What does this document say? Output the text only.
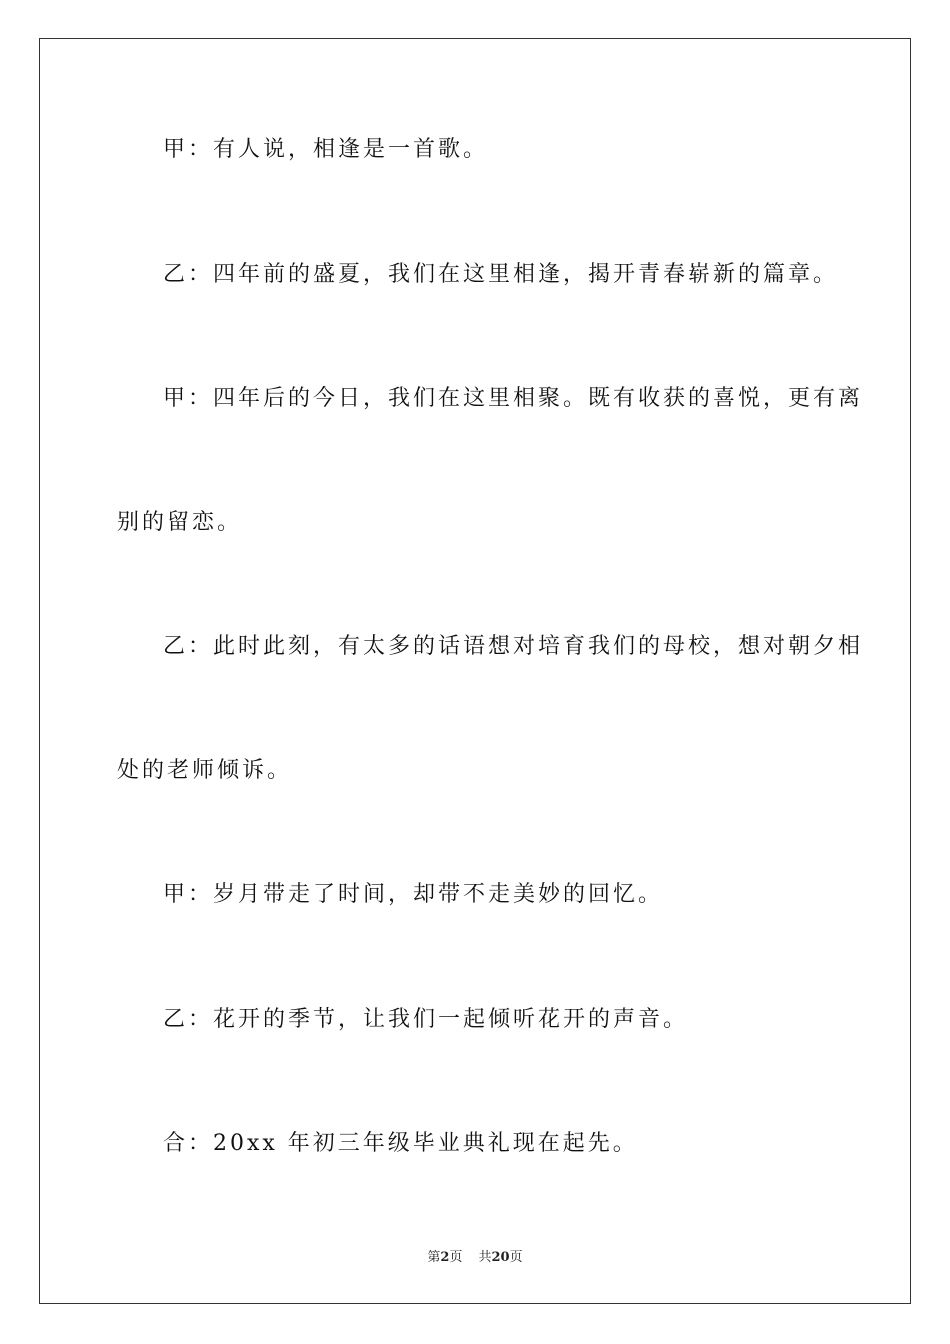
甲：有人说，相逢是一首歌。
乙：四年前的盛夏，我们在这里相逢，揭开青春崭新的篇章。
甲：四年后的今日，我们在这里相聚。既有收获的喜悦，更有离
别的留恋。
乙：此时此刻，有太多的话语想对培育我们的母校，想对朝夕相
处的老师倾诉。
甲：岁月带走了时间，却带不走美妙的回忆。
乙：花开的季节，让我们一起倾听花开的声音。
合：20xx 年初三年级毕业典礼现在起先。
第2页 共20页
